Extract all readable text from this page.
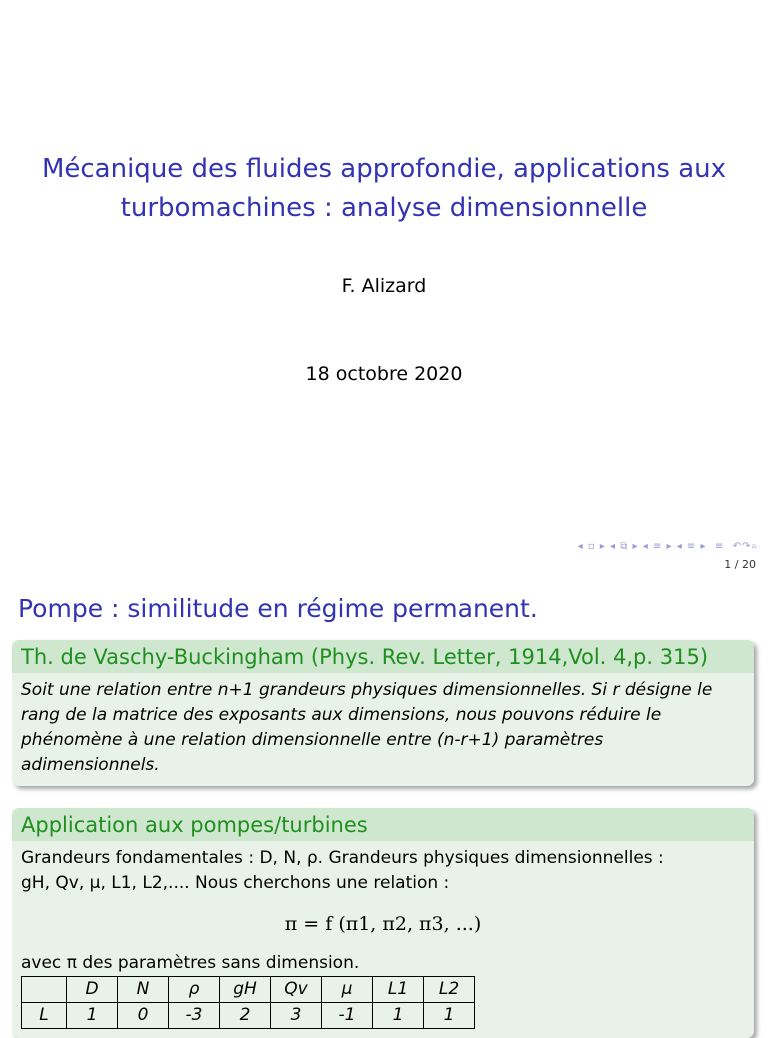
Mécanique des fluides approfondie, applications aux
turbomachines : analyse dimensionnelle
F. Alizard
18 octobre 2020
◂ ▫ ▸ ◂ ⧉ ▸ ◂ ≡ ▸ ◂ ≡ ▸  ≡  ↶↷⌕
1 / 20
Pompe : similitude en régime permanent.
Th. de Vaschy-Buckingham (Phys. Rev. Letter, 1914,Vol. 4,p. 315)
Soit une relation entre n+1 grandeurs physiques dimensionnelles. Si r désigne le rang de la matrice des exposants aux dimensions, nous pouvons réduire le phénomène à une relation dimensionnelle entre (n-r+1) paramètres adimensionnels.
Application aux pompes/turbines
Grandeurs fondamentales : D, N, ρ. Grandeurs physiques dimensionnelles :
gH, Qv, μ, L1, L2,.... Nous cherchons une relation :
π = f (π1, π2, π3, ...)
avec π des paramètres sans dimension.
	D	N	ρ	gH	Qv	μ	L1	L2
L	1	0	-3	2	3	-1	1	1
